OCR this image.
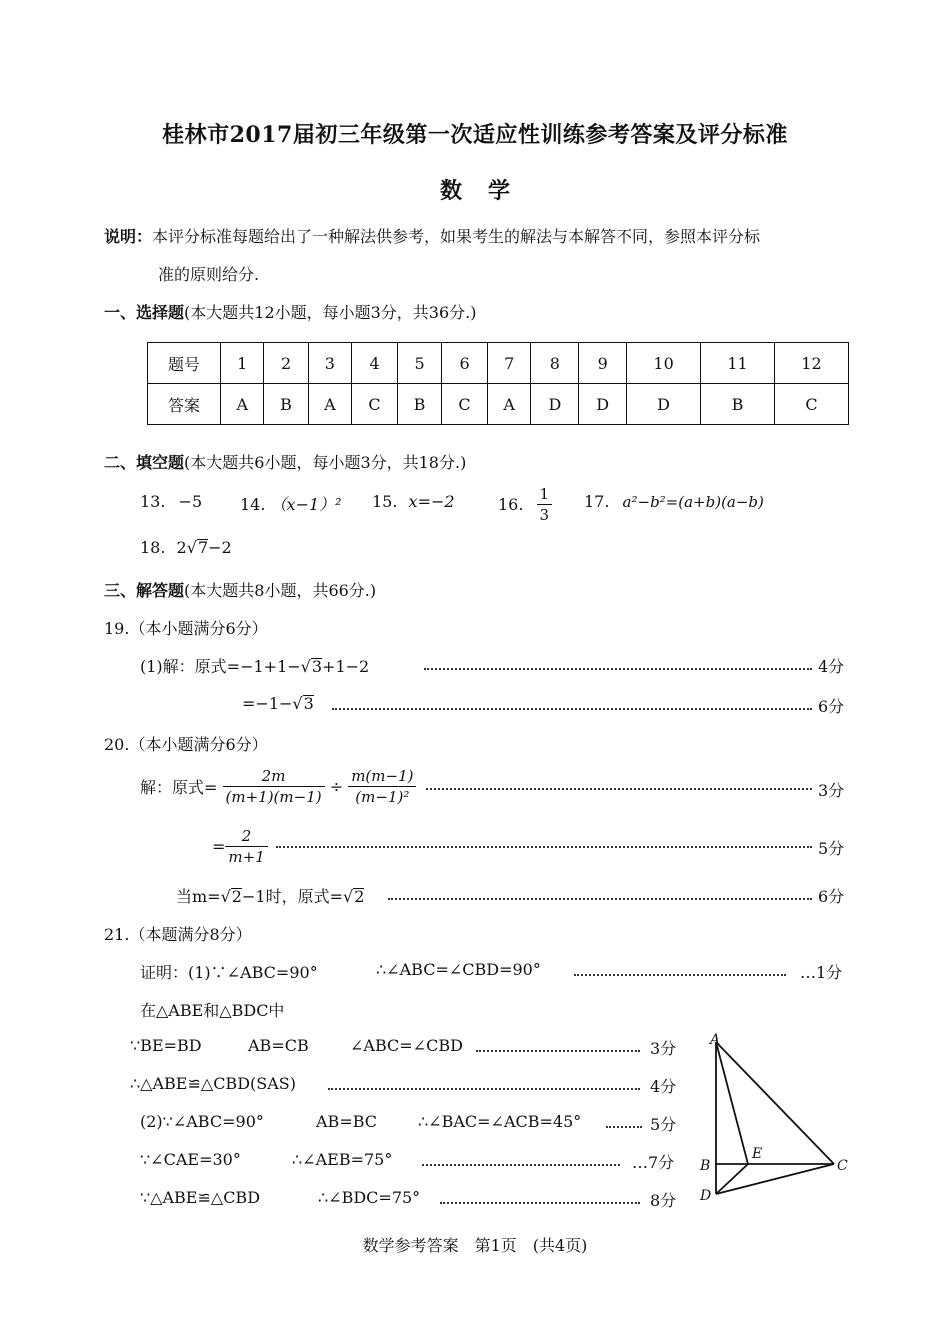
桂林市2017届初三年级第一次适应性训练参考答案及评分标准
数学
说明：本评分标准每题给出了一种解法供参考，如果考生的解法与本解答不同，参照本评分标
准的原则给分.
一、选择题(本大题共12小题，每小题3分，共36分.)
题号	1	2	3	4	5	6	7	8	9	10	11	12
答案	A	B	A	C	B	C	A	D	D	D	B	C
二、填空题(本大题共6小题，每小题3分，共18分.)
13. −5 14. （x−1）² 15. x=−2	16. $\frac{1}{3} 17$. a²−b²=(a+b)(a−b)
18. 2√7−2
三、解答题(本大题共8小题，共66分.)
19.（本小题满分6分）
(1)解：原式=−1+1−√3+1−2	4分
=−1−√3	6分
20.（本小题满分6分）
解：原式= $\frac{2m}{(m+1)(m-1)} \div \frac{m(m-1)}{\text{(m−1)²}}$	3分
= $\frac{2}{m+1}$	5分
当m=√2−1时，原式=√2	6分
21.（本题满分8分）
证明：(1)∵∠ABC=90°	∴∠ABC=∠CBD=90°	…1分
在△ABE和△BDC中
∵BE=BD	AB=CB	∠ABC=∠CBD	3分
∴△ABE≌△CBD(SAS)	4分
(2)∵∠ABC=90°	AB=BC	∴∠BAC=∠ACB=45°	5分
∵∠CAE=30°	∴∠AEB=75°	…7分
∵△ABE≌△CBD	∴∠BDC=75°	8分
A
B
E
C
D
数学参考答案　第1页　(共4页)
